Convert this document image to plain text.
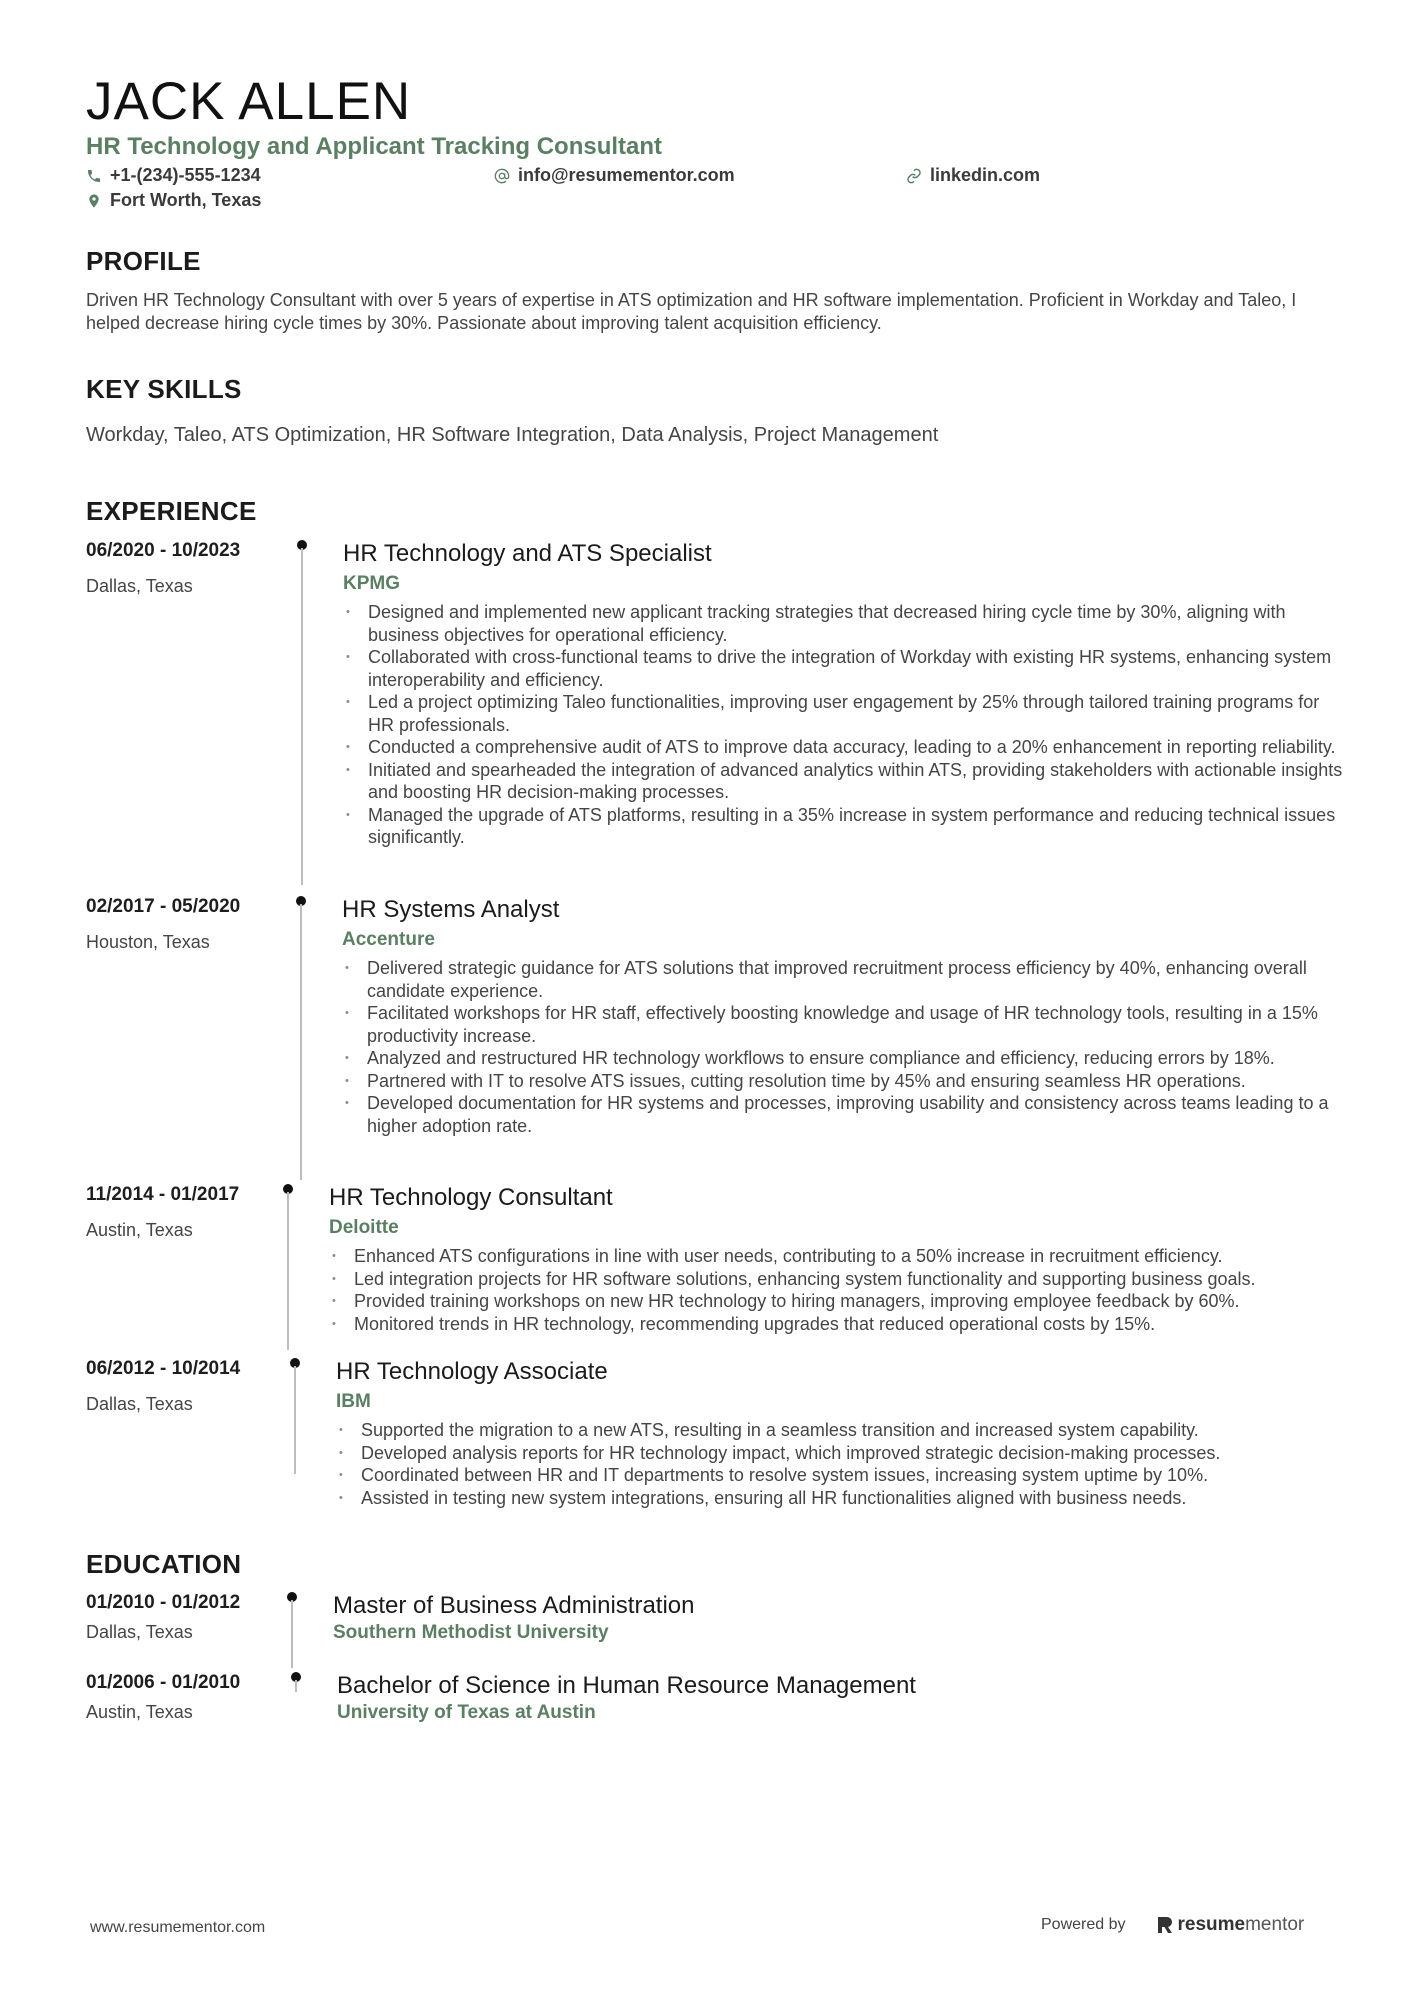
JACK ALLEN
HR Technology and Applicant Tracking Consultant
+1-(234)-555-1234	info@resumementor.com	linkedin.com
Fort Worth, Texas
PROFILE
Driven HR Technology Consultant with over 5 years of expertise in ATS optimization and HR software implementation. Proficient in Workday and Taleo, I helped decrease hiring cycle times by 30%. Passionate about improving talent acquisition efficiency.
KEY SKILLS
Workday, Taleo, ATS Optimization, HR Software Integration, Data Analysis, Project Management
EXPERIENCE
06/2020 - 10/2023
Dallas, Texas
HR Technology and ATS Specialist
KPMG
• Designed and implemented new applicant tracking strategies that decreased hiring cycle time by 30%, aligning with business objectives for operational efficiency.
• Collaborated with cross-functional teams to drive the integration of Workday with existing HR systems, enhancing system interoperability and efficiency.
• Led a project optimizing Taleo functionalities, improving user engagement by 25% through tailored training programs for HR professionals.
• Conducted a comprehensive audit of ATS to improve data accuracy, leading to a 20% enhancement in reporting reliability.
• Initiated and spearheaded the integration of advanced analytics within ATS, providing stakeholders with actionable insights and boosting HR decision-making processes.
• Managed the upgrade of ATS platforms, resulting in a 35% increase in system performance and reducing technical issues significantly.
02/2017 - 05/2020
Houston, Texas
HR Systems Analyst
Accenture
• Delivered strategic guidance for ATS solutions that improved recruitment process efficiency by 40%, enhancing overall candidate experience.
• Facilitated workshops for HR staff, effectively boosting knowledge and usage of HR technology tools, resulting in a 15% productivity increase.
• Analyzed and restructured HR technology workflows to ensure compliance and efficiency, reducing errors by 18%.
• Partnered with IT to resolve ATS issues, cutting resolution time by 45% and ensuring seamless HR operations.
• Developed documentation for HR systems and processes, improving usability and consistency across teams leading to a higher adoption rate.
11/2014 - 01/2017
Austin, Texas
HR Technology Consultant
Deloitte
• Enhanced ATS configurations in line with user needs, contributing to a 50% increase in recruitment efficiency.
• Led integration projects for HR software solutions, enhancing system functionality and supporting business goals.
• Provided training workshops on new HR technology to hiring managers, improving employee feedback by 60%.
• Monitored trends in HR technology, recommending upgrades that reduced operational costs by 15%.
06/2012 - 10/2014
Dallas, Texas
HR Technology Associate
IBM
• Supported the migration to a new ATS, resulting in a seamless transition and increased system capability.
• Developed analysis reports for HR technology impact, which improved strategic decision-making processes.
• Coordinated between HR and IT departments to resolve system issues, increasing system uptime by 10%.
• Assisted in testing new system integrations, ensuring all HR functionalities aligned with business needs.
EDUCATION
01/2010 - 01/2012
Dallas, Texas
Master of Business Administration
Southern Methodist University
01/2006 - 01/2010
Austin, Texas
Bachelor of Science in Human Resource Management
University of Texas at Austin
www.resumementor.com	Powered by	resume mentor
